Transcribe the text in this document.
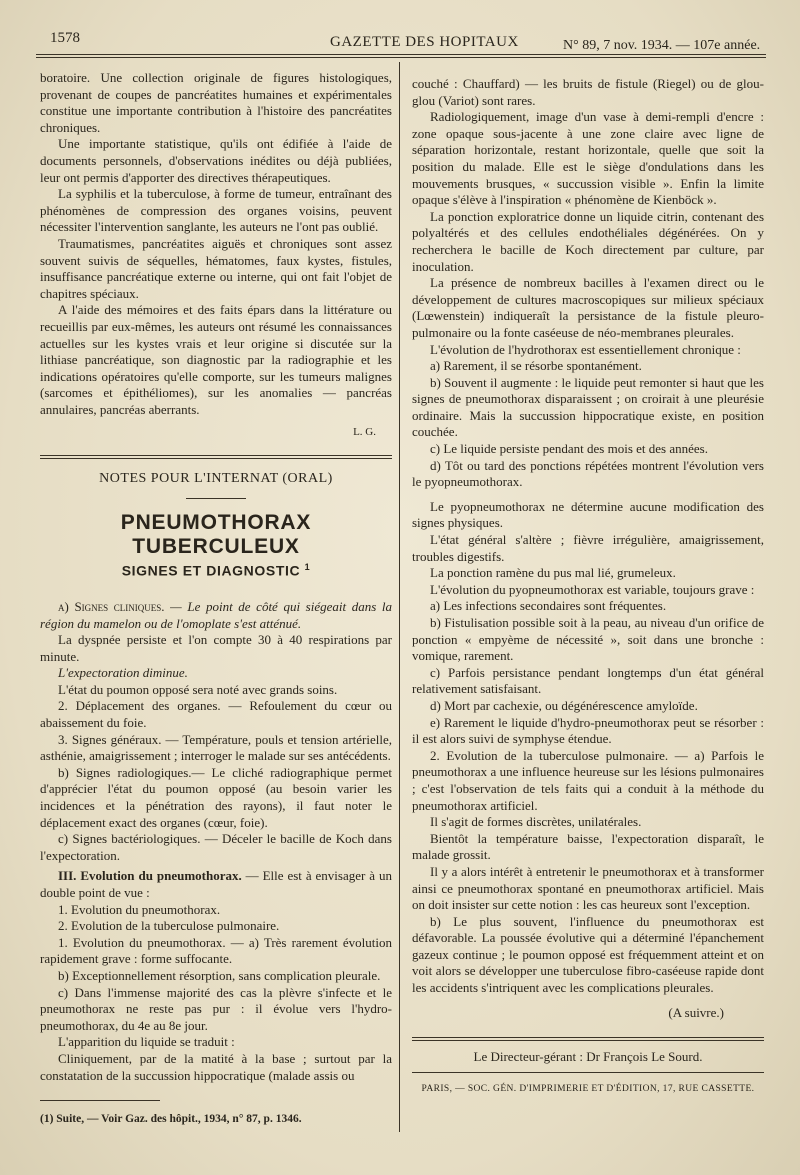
1578	GAZETTE DES HOPITAUX	N° 89, 7 nov. 1934. — 107e année.

boratoire. Une collection originale de figures histologiques, provenant de coupes de pancréatites humaines et expérimentales constitue une importante contribution à l'histoire des pancréatites chroniques.

Une importante statistique, qu'ils ont édifiée à l'aide de documents personnels, d'observations inédites ou déjà publiées, leur ont permis d'apporter des directives thérapeutiques.

La syphilis et la tuberculose, à forme de tumeur, entraînant des phénomènes de compression des organes voisins, peuvent nécessiter l'intervention sanglante, les auteurs ne l'ont pas oublié.

Traumatismes, pancréatites aiguës et chroniques sont assez souvent suivis de séquelles, hématomes, faux kystes, fistules, insuffisance pancréatique externe ou interne, qui ont fait l'objet de chapitres spéciaux.

A l'aide des mémoires et des faits épars dans la littérature ou recueillis par eux-mêmes, les auteurs ont résumé les connaissances actuelles sur les kystes vrais et leur origine si discutée sur la lithiase pancréatique, son diagnostic par la radiographie et les indications opératoires qu'elle comporte, sur les tumeurs malignes (sarcomes et épithéliomes), sur les anomalies — pancréas annulaires, pancréas aberrants.

L. G.
NOTES POUR L'INTERNAT (ORAL)
PNEUMOTHORAX TUBERCULEUX
SIGNES ET DIAGNOSTIC $^1$

a) Signes cliniques. — Le point de côté qui siégeait dans la région du mamelon ou de l'omoplate s'est atténué.

La dyspnée persiste et l'on compte 30 à 40 respirations par minute.

L'expectoration diminue.

L'état du poumon opposé sera noté avec grands soins.

2. Déplacement des organes. — Refoulement du cœur ou abaissement du foie.

3. Signes généraux. — Température, pouls et tension artérielle, asthénie, amaigrissement ; interroger le malade sur ses antécédents.

b) Signes radiologiques.— Le cliché radiographique permet d'apprécier l'état du poumon opposé (au besoin varier les incidences et la pénétration des rayons), il faut noter le déplacement exact des organes (cœur, foie).

c) Signes bactériologiques. — Déceler le bacille de Koch dans l'expectoration.

III. Evolution du pneumothorax. — Elle est à envisager à un double point de vue :

1. Evolution du pneumothorax.

2. Evolution de la tuberculose pulmonaire.

1. Evolution du pneumothorax. — a) Très rarement évolution rapidement grave : forme suffocante.

b) Exceptionnellement résorption, sans complication pleurale.

c) Dans l'immense majorité des cas la plèvre s'infecte et le pneumothorax ne reste pas pur : il évolue vers l'hydro-pneumothorax, du 4e au 8e jour.

L'apparition du liquide se traduit :

Cliniquement, par de la matité à la base ; surtout par la constatation de la succussion hippocratique (malade assis ou

(1) Suite, — Voir Gaz. des hôpit., 1934, n° 87, p. 1346.

couché : Chauffard) — les bruits de fistule (Riegel) ou de glou-glou (Variot) sont rares.

Radiologiquement, image d'un vase à demi-rempli d'encre : zone opaque sous-jacente à une zone claire avec ligne de séparation horizontale, restant horizontale, quelle que soit la position du malade. Elle est le siège d'ondulations dans les mouvements brusques, « succussion visible ». Enfin la limite opaque s'élève à l'inspiration « phénomène de Kienböck ».

La ponction exploratrice donne un liquide citrin, contenant des polyaltérés et des cellules endothéliales dégénérées. On y recherchera le bacille de Koch directement par culture, par inoculation.

La présence de nombreux bacilles à l'examen direct ou le développement de cultures macroscopiques sur milieux spéciaux (Lœwenstein) indiqueraît la persistance de la fistule pleuro-pulmonaire ou la fonte caséeuse de néo-membranes pleurales.

L'évolution de l'hydrothorax est essentiellement chronique :

a) Rarement, il se résorbe spontanément.

b) Souvent il augmente : le liquide peut remonter si haut que les signes de pneumothorax disparaissent ; on croirait à une pleurésie ordinaire. Mais la succussion hippocratique existe, en position couchée.

c) Le liquide persiste pendant des mois et des années.

d) Tôt ou tard des ponctions répétées montrent l'évolution vers le pyopneumothorax.

Le pyopneumothorax ne détermine aucune modification des signes physiques.

L'état général s'altère ; fièvre irrégulière, amaigrissement, troubles digestifs.

La ponction ramène du pus mal lié, grumeleux.

L'évolution du pyopneumothorax est variable, toujours grave :

a) Les infections secondaires sont fréquentes.

b) Fistulisation possible soit à la peau, au niveau d'un orifice de ponction « empyème de nécessité », soit dans une bronche : vomique, rarement.

c) Parfois persistance pendant longtemps d'un état général relativement satisfaisant.

d) Mort par cachexie, ou dégénérescence amyloïde.

e) Rarement le liquide d'hydro-pneumothorax peut se résorber : il est alors suivi de symphyse étendue.

2. Evolution de la tuberculose pulmonaire. — a) Parfois le pneumothorax a une influence heureuse sur les lésions pulmonaires ; c'est l'observation de tels faits qui a conduit à la méthode du pneumothorax artificiel.

Il s'agit de formes discrètes, unilatérales.

Bientôt la température baisse, l'expectoration disparaît, le malade grossit.

Il y a alors intérêt à entretenir le pneumothorax et à transformer ainsi ce pneumothorax spontané en pneumothorax artificiel. Mais on doit insister sur cette notion : les cas heureux sont l'exception.

b) Le plus souvent, l'influence du pneumothorax est défavorable. La poussée évolutive qui a déterminé l'épanchement gazeux continue ; le poumon opposé est fréquemment atteint et on voit alors se développer une tuberculose fibro-caséeuse rapide dont les accidents s'intriquent avec les complications pleurales.

(A suivre.)
Le Directeur-gérant : Dr François Le Sourd.
PARIS, — SOC. GÉN. D'IMPRIMERIE ET D'ÉDITION, 17, RUE CASSETTE.
